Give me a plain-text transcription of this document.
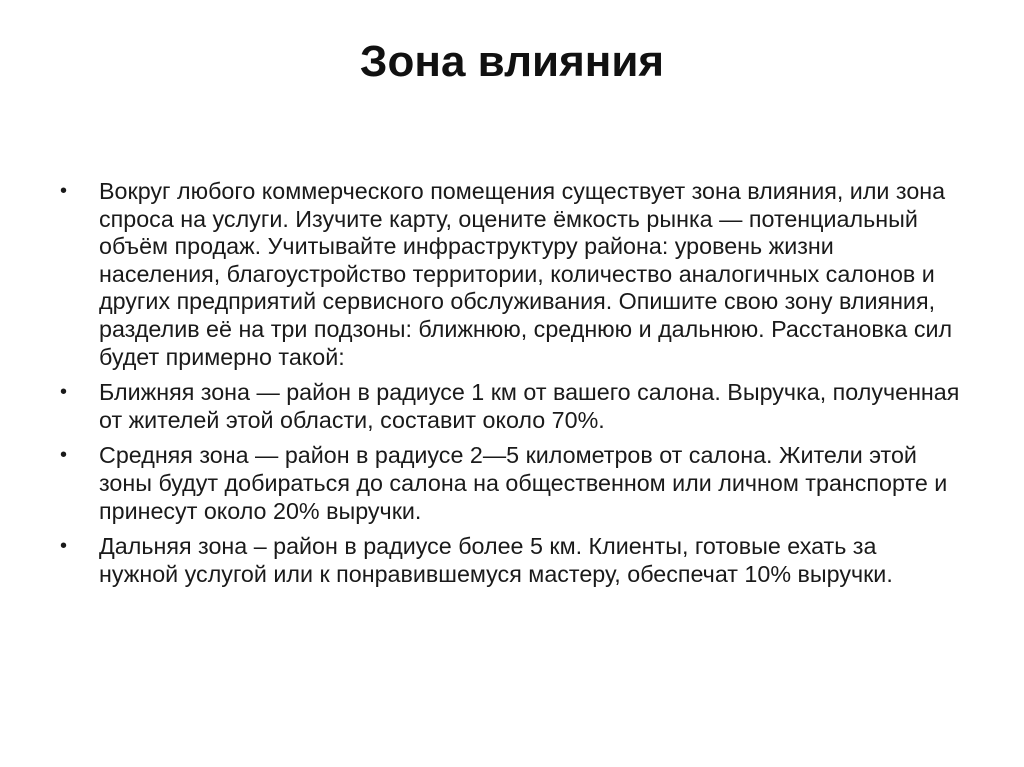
Зона влияния
•	Вокруг любого коммерческого помещения существует зона влияния, или зона спроса на услуги. Изучите карту, оцените ёмкость рынка — потенциальный объём продаж. Учитывайте инфраструктуру района: уровень жизни населения, благоустройство территории, количество аналогичных салонов и других предприятий сервисного обслуживания. Опишите свою зону влияния, разделив её на три подзоны: ближнюю, среднюю и дальнюю. Расстановка сил будет примерно такой:
•	Ближняя зона — район в радиусе 1 км от вашего салона. Выручка, полученная от жителей этой области, составит около 70%.
•	Средняя зона — район в радиусе 2—5 километров от салона. Жители этой зоны будут добираться до салона на общественном или личном транспорте и принесут около 20% выручки.
•	Дальняя зона – район в радиусе более 5 км. Клиенты, готовые ехать за нужной услугой или к понравившемуся мастеру, обеспечат 10% выручки.
